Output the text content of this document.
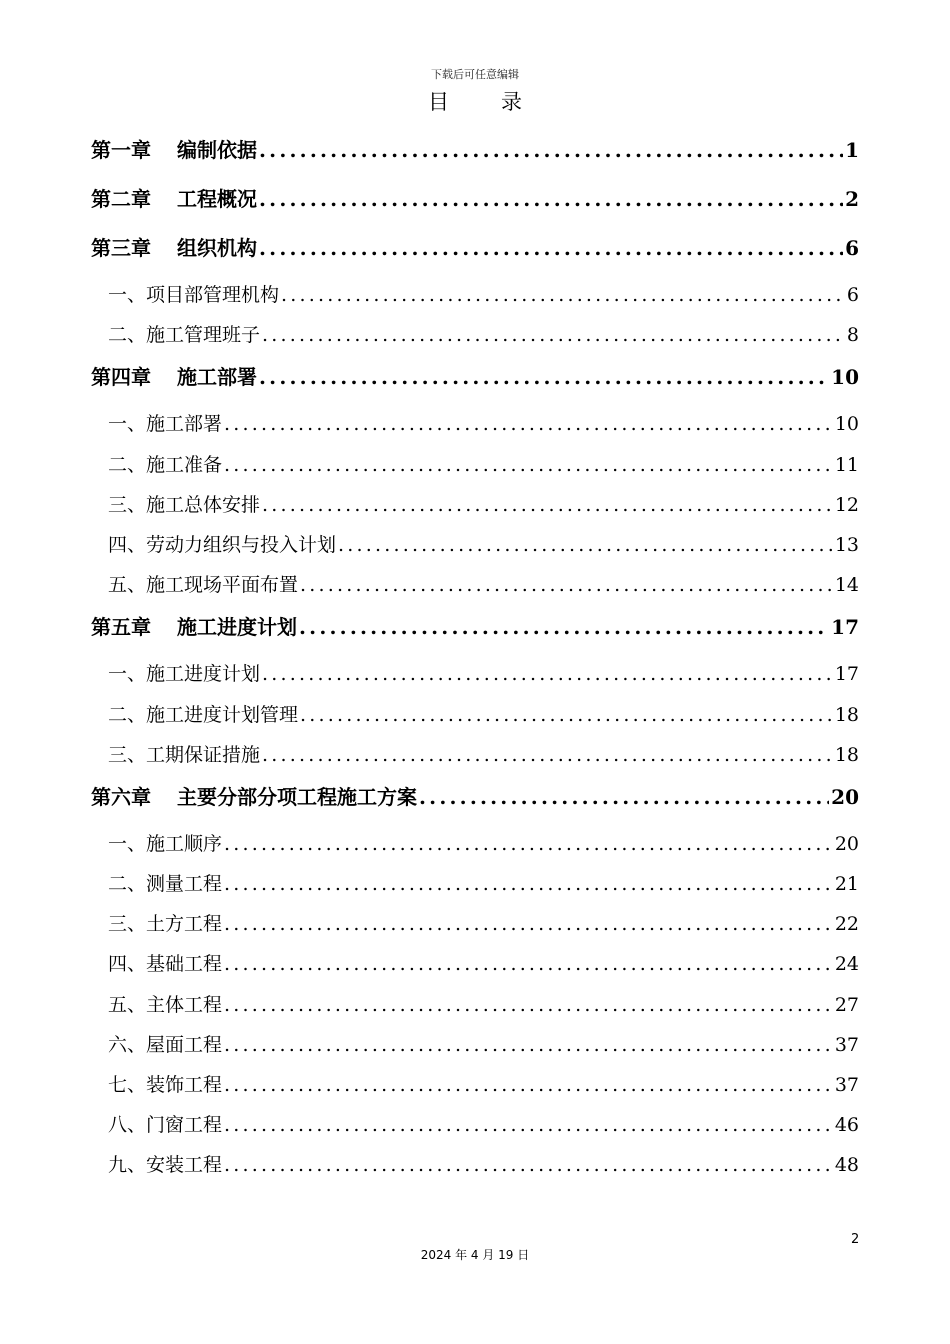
下载后可任意编辑
目录
第一章 编制依据 .....	1
第二章 工程概况 .....	2
第三章 组织机构 .....	6
一、项目部管理机构 .....	6
二、施工管理班子 .....	8
第四章 施工部署 .....	10
一、施工部署 .....	10
二、施工准备 .....	11
三、施工总体安排 .....	12
四、劳动力组织与投入计划 .....	13
五、施工现场平面布置 .....	14
第五章 施工进度计划 .....	17
一、施工进度计划 .....	17
二、施工进度计划管理 .....	18
三、工期保证措施 .....	18
第六章 主要分部分项工程施工方案 .....	20
一、施工顺序 .....	20
二、测量工程 .....	21
三、土方工程 .....	22
四、基础工程 .....	24
五、主体工程 .....	27
六、屋面工程 .....	37
七、装饰工程 .....	37
八、门窗工程 .....	46
九、安装工程 .....	48
2
2024 年 4 月 19 日
